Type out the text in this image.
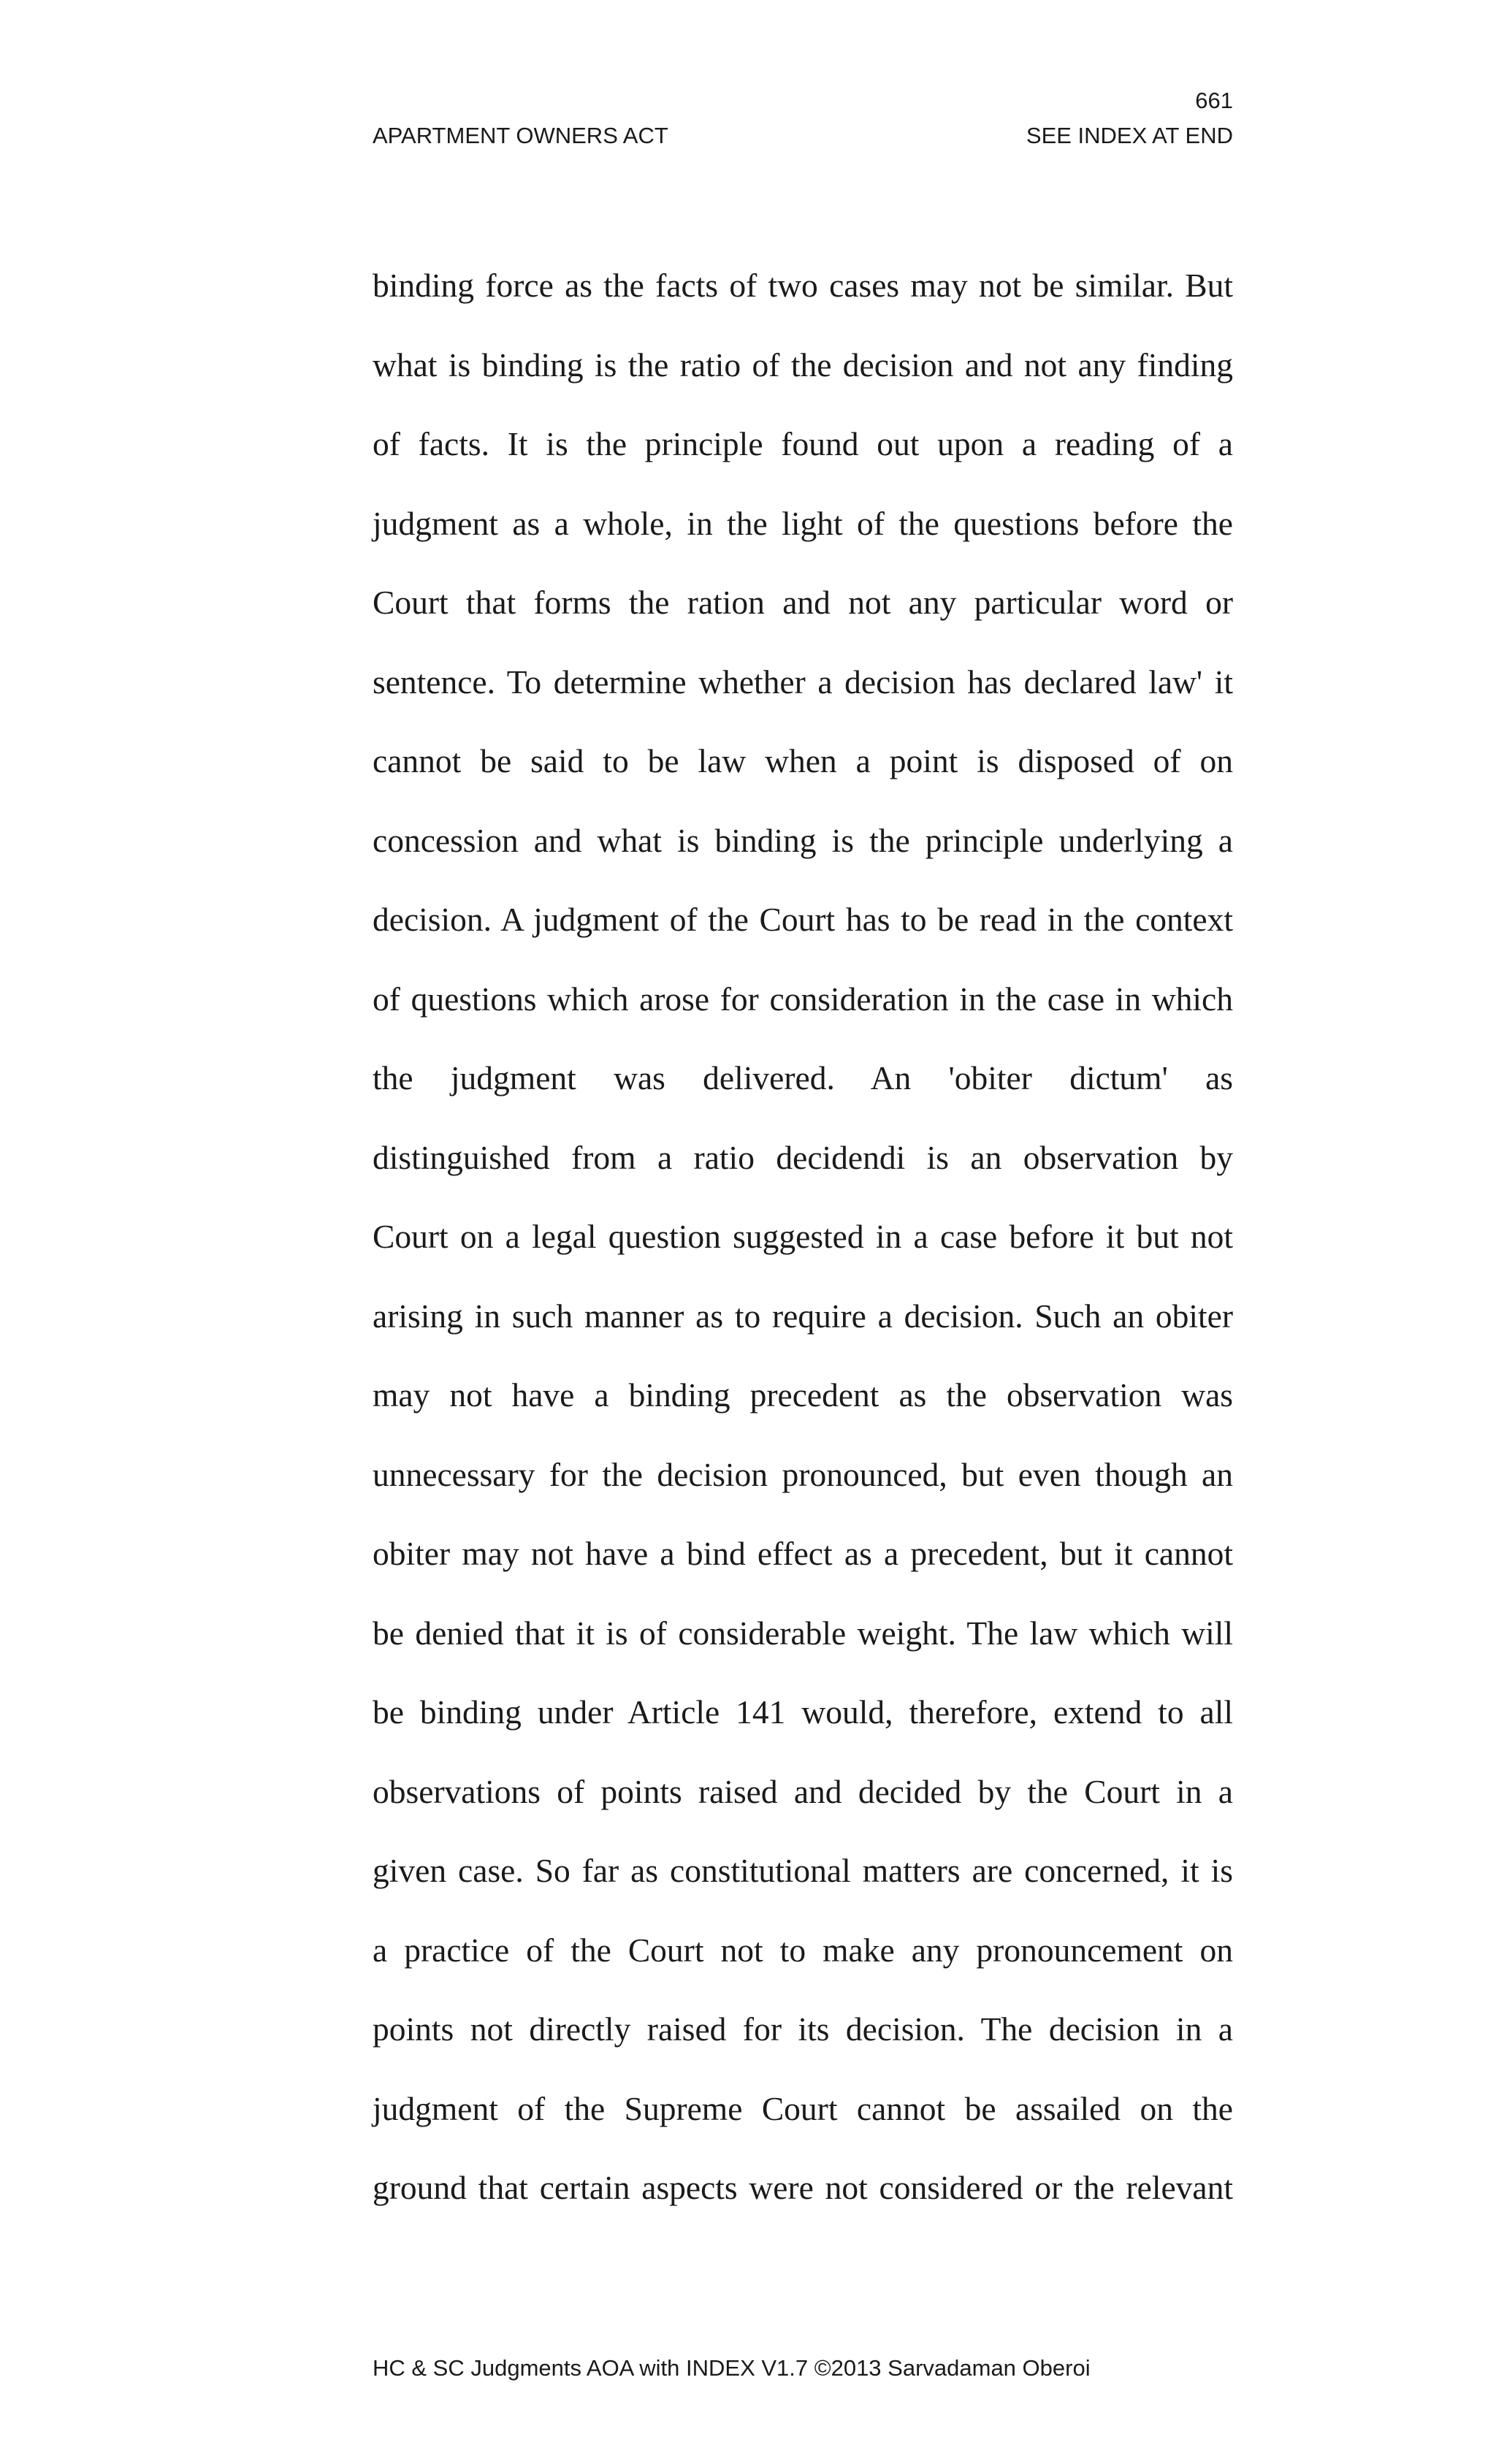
661
APARTMENT OWNERS ACT	SEE INDEX AT END
binding force as the facts of two cases may not be similar. But
what is binding is the ratio of the decision and not any finding
of facts. It is the principle found out upon a reading of a
judgment as a whole, in the light of the questions before the
Court that forms the ration and not any particular word or
sentence. To determine whether a decision has declared law' it
cannot be said to be law when a point is disposed of on
concession and what is binding is the principle underlying a
decision. A judgment of the Court has to be read in the context
of questions which arose for consideration in the case in which
the judgment was delivered. An 'obiter dictum' as
distinguished from a ratio decidendi is an observation by
Court on a legal question suggested in a case before it but not
arising in such manner as to require a decision. Such an obiter
may not have a binding precedent as the observation was
unnecessary for the decision pronounced, but even though an
obiter may not have a bind effect as a precedent, but it cannot
be denied that it is of considerable weight. The law which will
be binding under Article 141 would, therefore, extend to all
observations of points raised and decided by the Court in a
given case. So far as constitutional matters are concerned, it is
a practice of the Court not to make any pronouncement on
points not directly raised for its decision. The decision in a
judgment of the Supreme Court cannot be assailed on the
ground that certain aspects were not considered or the relevant
HC & SC Judgments AOA with INDEX V1.7 ©2013 Sarvadaman Oberoi
